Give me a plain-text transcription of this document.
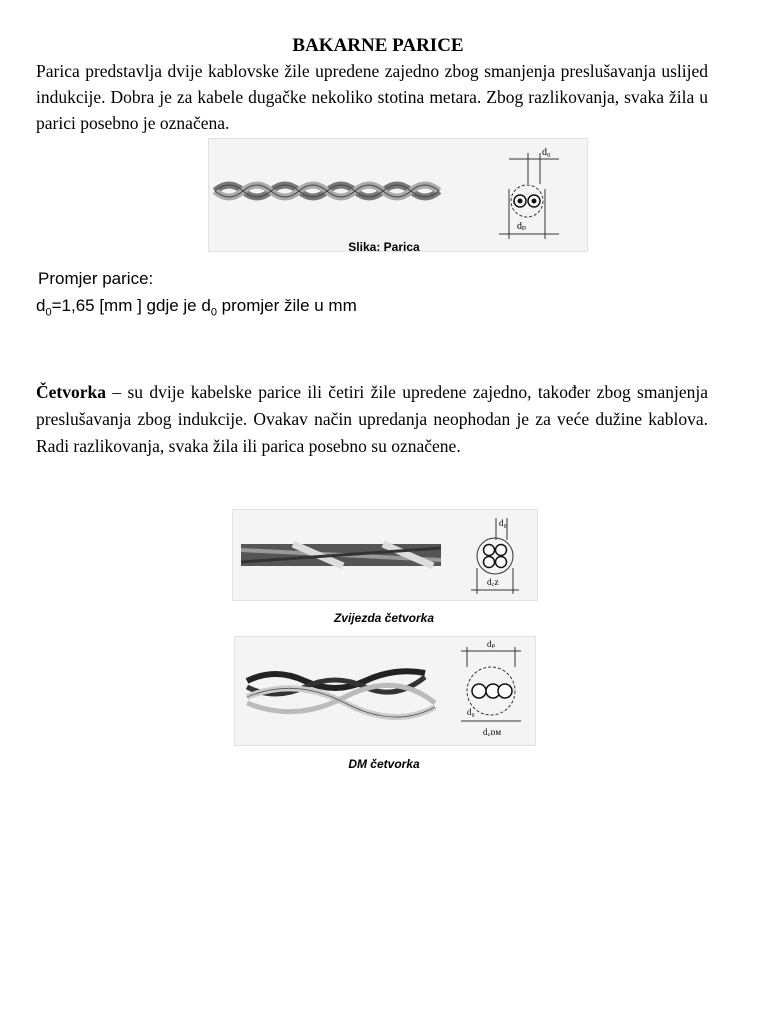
BAKARNE PARICE
Parica predstavlja dvije kablovske žile upredene zajedno zbog smanjenja preslušavanja uslijed indukcije. Dobra je za kabele dugačke nekoliko stotina metara. Zbog razlikovanja, svaka žila u parici posebno je označena.
d₀
dₚ
Slika: Parica
Promjer parice:
$d_0=1,65$ [mm ] gdje je $d_0$ promjer žile u mm
Četvorka – su dvije kabelske parice ili četiri žile upredene zajedno, također zbog smanjenja preslušavanja zbog indukcije. Ovakav način upredanja neophodan je za veće dužine kablova. Radi razlikovanja, svaka žila ili parica posebno su označene.
d₀
d꜀ᴢ
Zvijezda četvorka
dₚ
d₀
d꜀ᴅᴍ
DM četvorka
